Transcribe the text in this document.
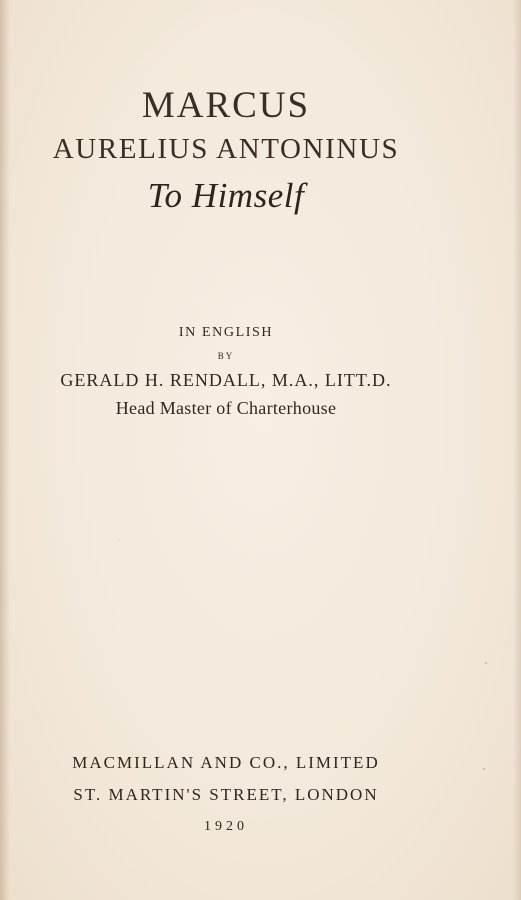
MARCUS
AURELIUS ANTONINUS
To Himself
IN ENGLISH
BY
GERALD H. RENDALL, M.A., LITT.D.
Head Master of Charterhouse
MACMILLAN AND CO., LIMITED
ST. MARTIN'S STREET, LONDON
1920
